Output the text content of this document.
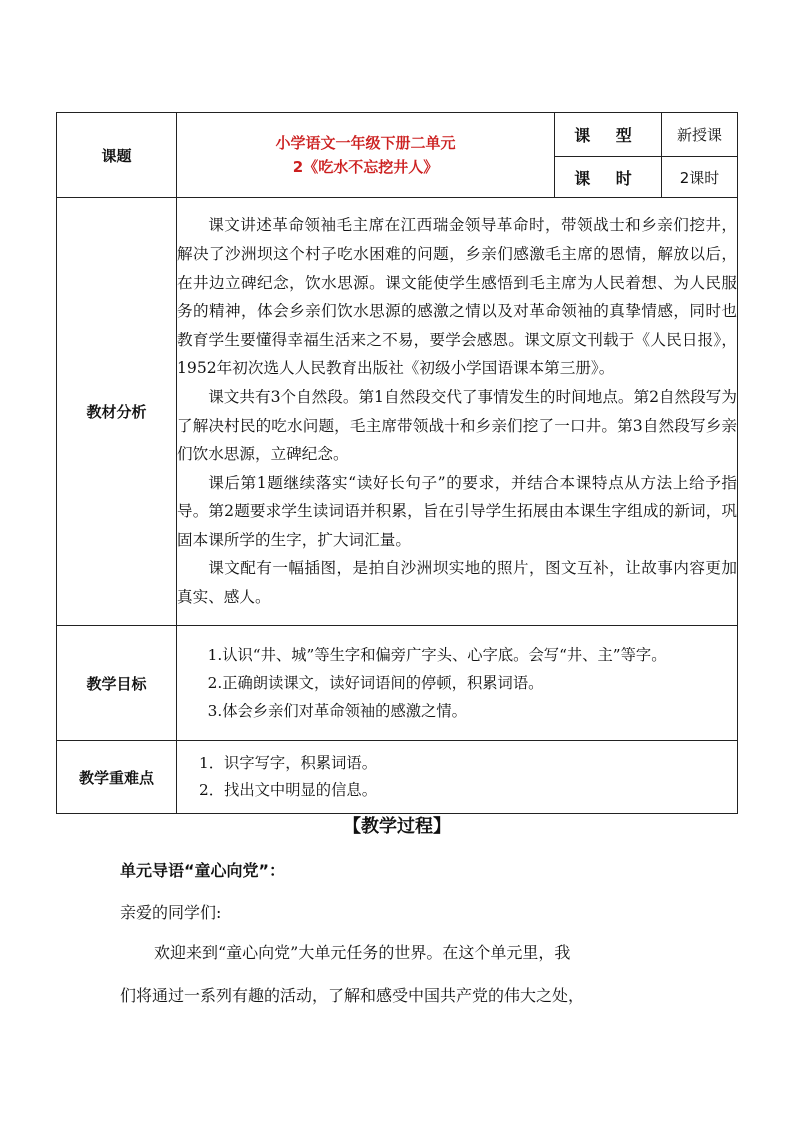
课题	小学语文一年级下册二单元
2《吃水不忘挖井人》	课 型	新授课
		课 时	2课时
教材分析	课文讲述革命领袖毛主席在江西瑞金领导革命时，带领战士和乡亲们挖井，解决了沙洲坝这个村子吃水困难的问题，乡亲们感激毛主席的恩情，解放以后，在井边立碑纪念，饮水思源。课文能使学生感悟到毛主席为人民着想、为人民服务的精神，体会乡亲们饮水思源的感激之情以及对革命领袖的真挚情感，同时也教育学生要懂得幸福生活来之不易，要学会感恩。课文原文刊载于《人民日报》，1952年初次选人人民教育出版社《初级小学国语课本第三册》。

课文共有3个自然段。第1自然段交代了事情发生的时间地点。第2自然段写为了解决村民的吃水问题，毛主席带领战十和乡亲们挖了一口井。第3自然段写乡亲们饮水思源，立碑纪念。

课后第1题继续落实“读好长句子”的要求，并结合本课特点从方法上给予指导。第2题要求学生读词语并积累，旨在引导学生拓展由本课生字组成的新词，巩固本课所学的生字，扩大词汇量。

课文配有一幅插图，是拍自沙洲坝实地的照片，图文互补，让故事内容更加真实、感人。		

教学目标	1.认识“井、城”等生字和偏旁广字头、心字底。会写“井、主”等字。

2.正确朗读课文，读好词语间的停顿，积累词语。

3.体会乡亲们对革命领袖的感激之情。		

教学重难点	1．识字写字，积累词语。

2．找出文中明显的信息。		

【教学过程】
单元导语“童心向党”：
亲爱的同学们:
欢迎来到“童心向党”大单元任务的世界。在这个单元里，我
们将通过一系列有趣的活动，了解和感受中国共产党的伟大之处，
